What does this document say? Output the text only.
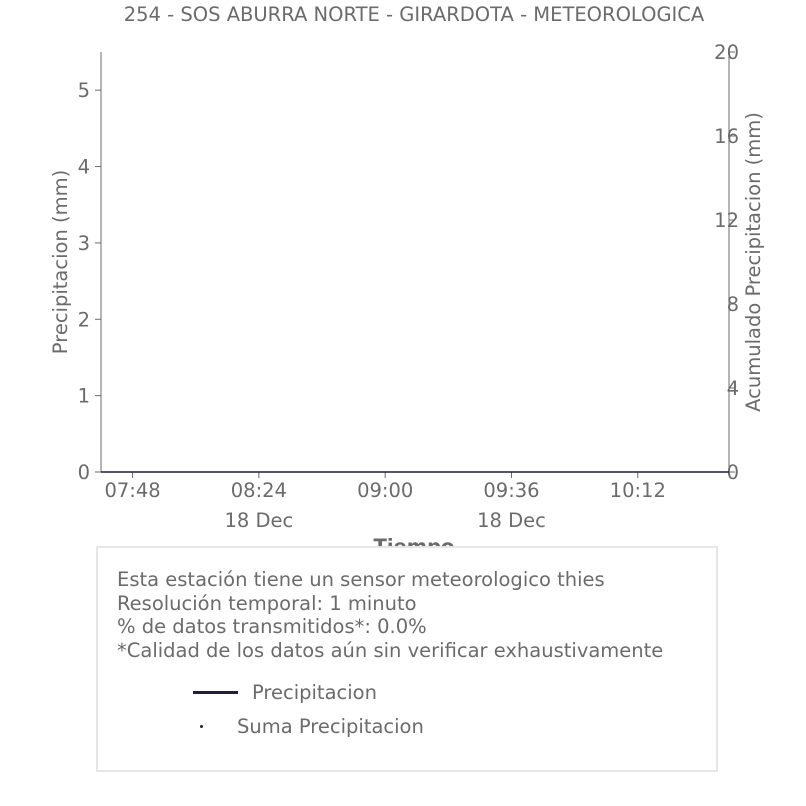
254 - SOS ABURRA NORTE - GIRARDOTA - METEOROLOGICA
0
1
2
3
4
5
0
4
8
12
16
20
07:48	08:24
18 Dec
09:00	09:36
18 Dec
10:12
Precipitacion (mm)	Acumulado Precipitacion (mm)
Esta estación tiene un sensor meteorologico thies
Resolución temporal: 1 minuto
% de datos transmitidos*: 0.0%
*Calidad de los datos aún sin verificar exhaustivamente
Precipitacion
Suma Precipitacion
